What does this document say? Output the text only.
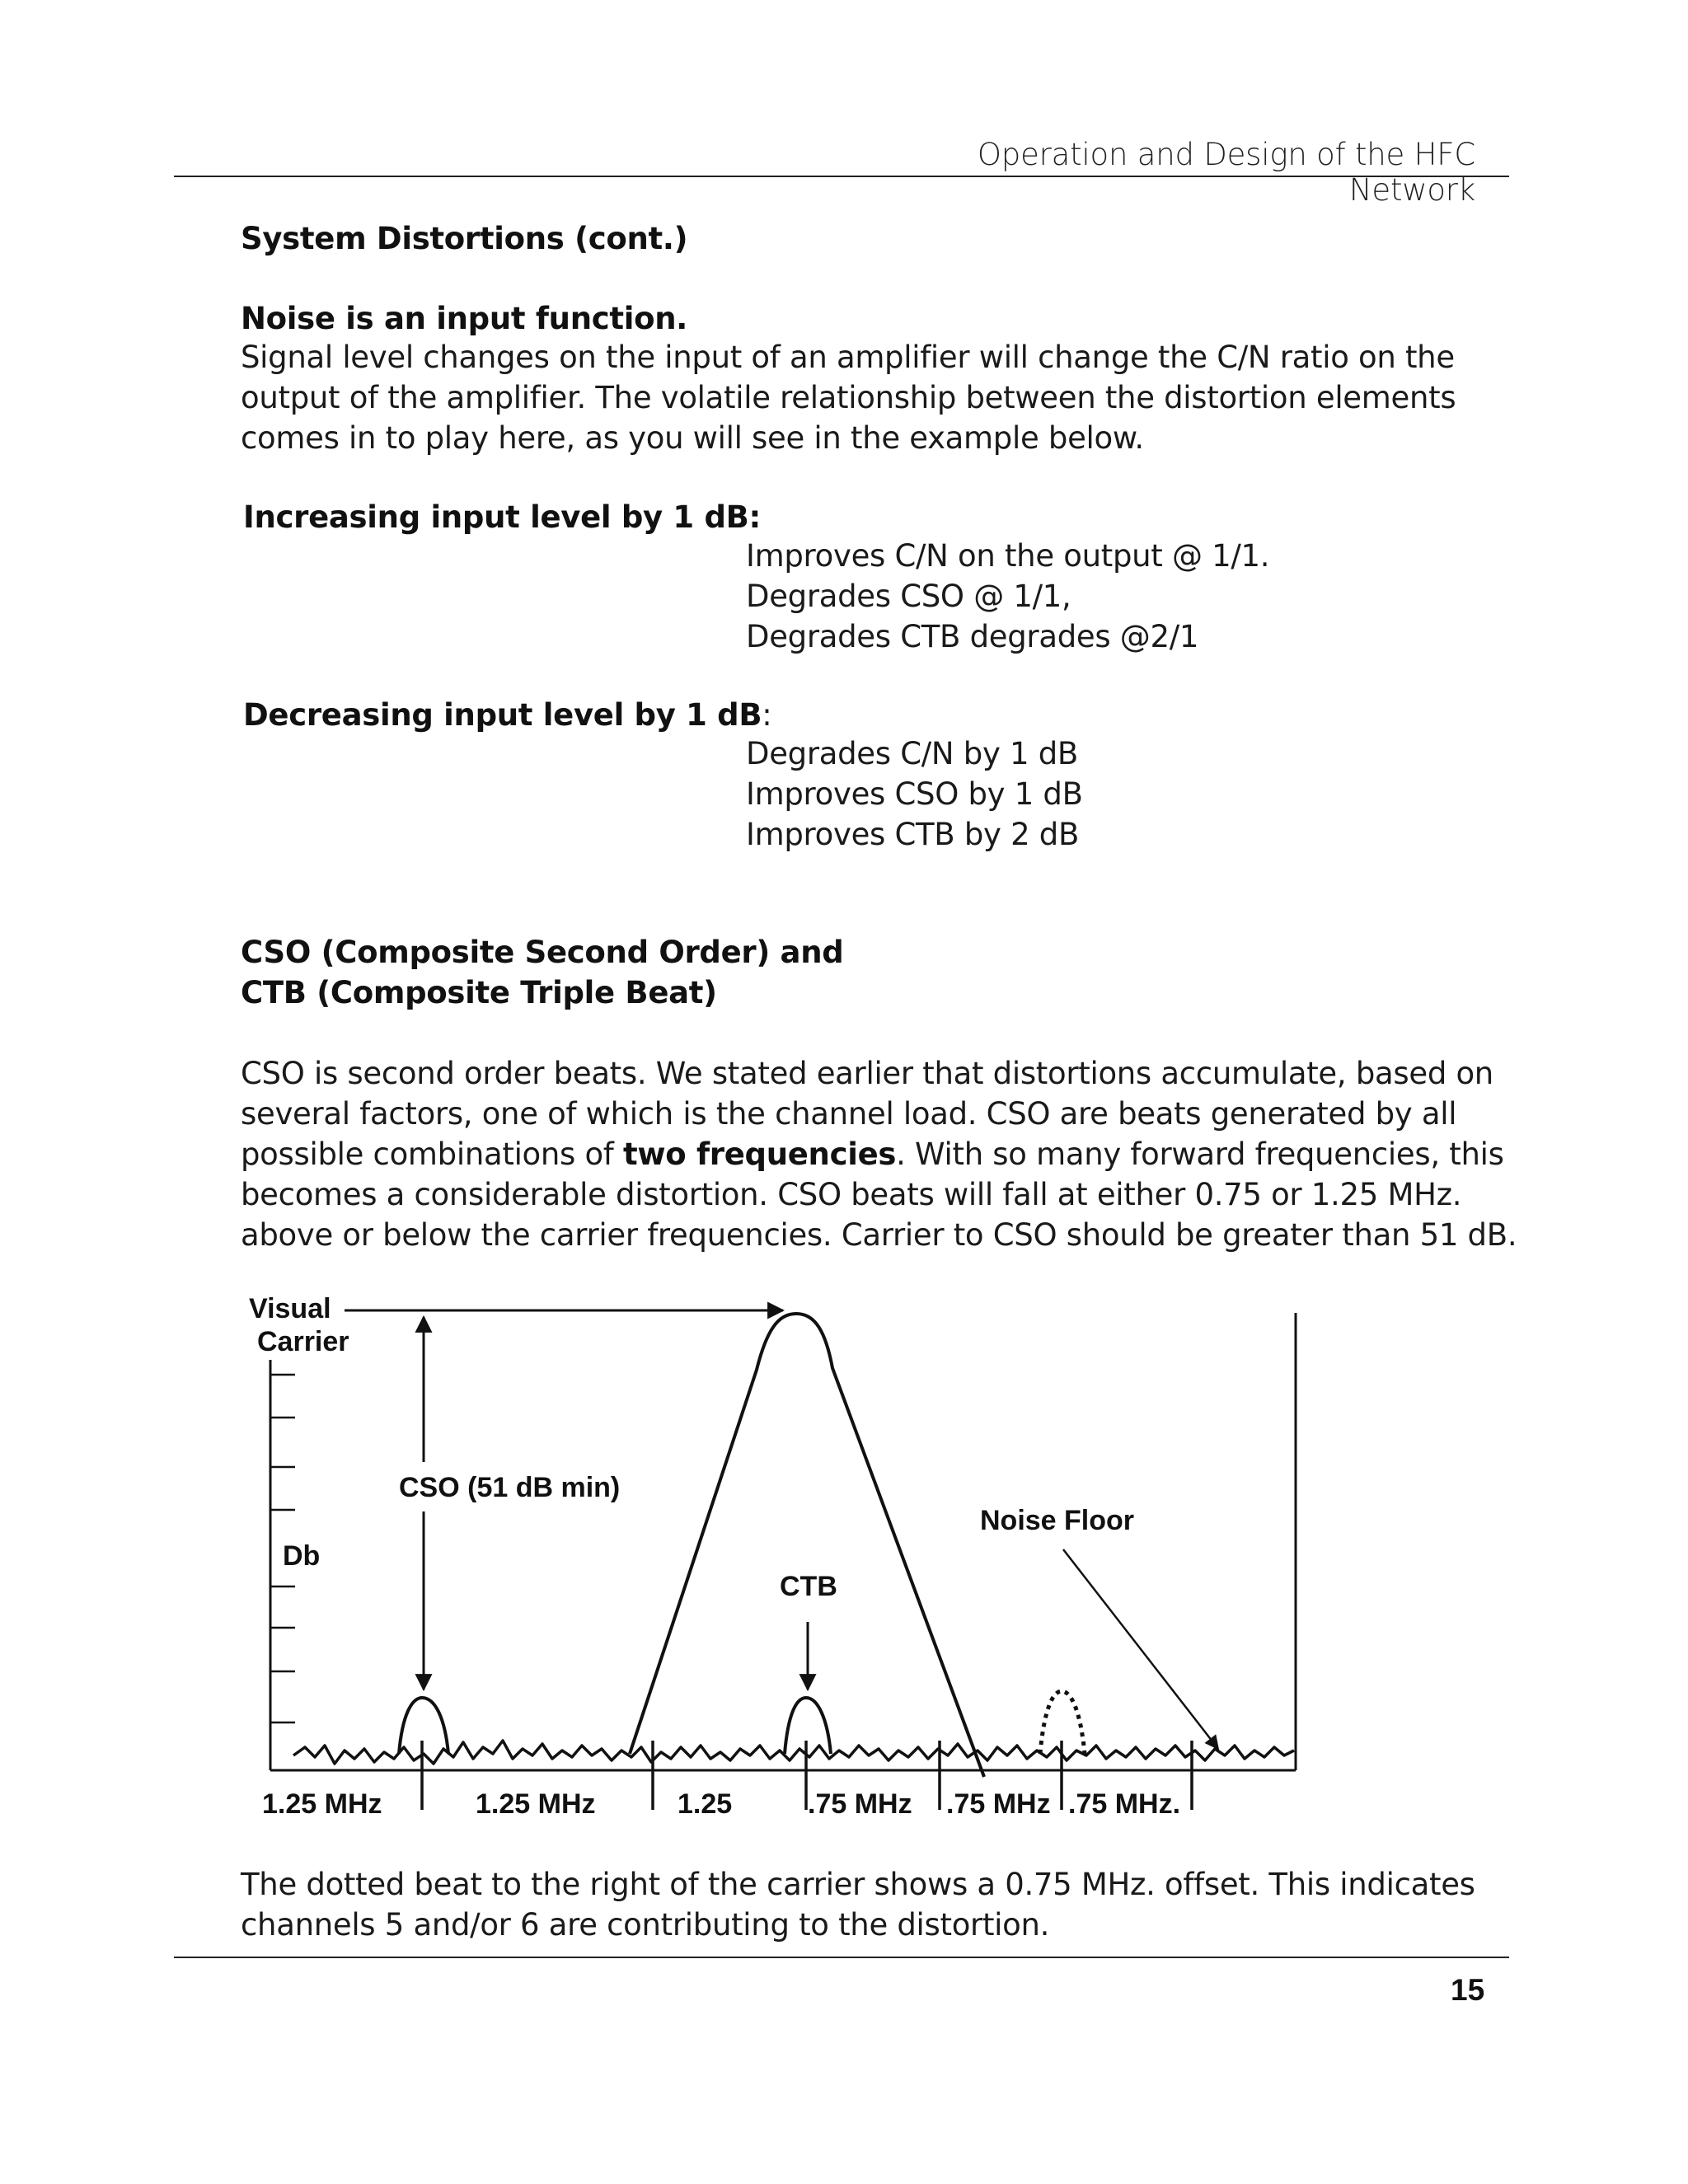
Operation and Design of the HFC Network
System Distortions (cont.)
Noise is an input function.
Signal level changes on the input of an amplifier will change the C/N ratio on the
output of the amplifier. The volatile relationship between the distortion elements
comes in to play here, as you will see in the example below.
Increasing input level by 1 dB:
Improves C/N on the output @ 1/1.
Degrades CSO @ 1/1,
Degrades CTB degrades @2/1
Decreasing input level by 1 dB:
Degrades C/N by 1 dB
Improves CSO by 1 dB
Improves CTB by 2 dB
CSO (Composite Second Order) and
CTB (Composite Triple Beat)
CSO is second order beats. We stated earlier that distortions accumulate, based on
several factors, one of which is the channel load. CSO are beats generated by all
possible combinations of two frequencies. With so many forward frequencies, this
becomes a considerable distortion. CSO beats will fall at either 0.75 or 1.25 MHz.
above or below the carrier frequencies. Carrier to CSO should be greater than 51 dB.
Visual
Carrier
CSO (51 dB min)
Db
CTB
Noise Floor
1.25 MHz	1.25 MHz	1.25	.75 MHz .75 MHz .75 MHz.
The dotted beat to the right of the carrier shows a 0.75 MHz. offset. This indicates
channels 5 and/or 6 are contributing to the distortion.
15
